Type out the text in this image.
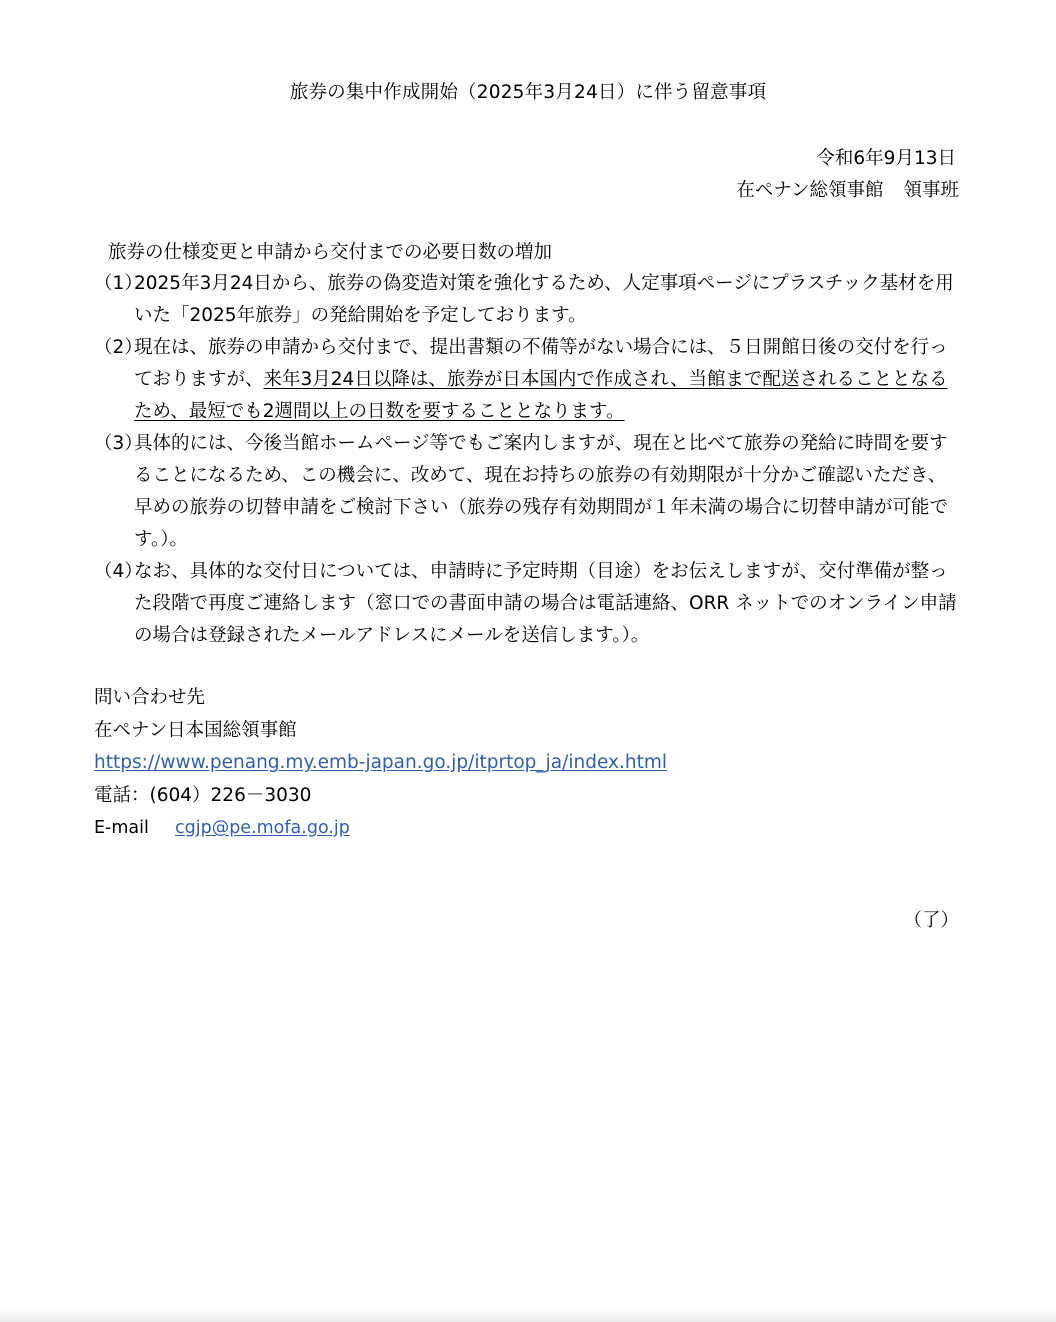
旅券の集中作成開始（2025年3月24日）に伴う留意事項
令和6年9月13日
在ペナン総領事館 領事班
旅券の仕様変更と申請から交付までの必要日数の増加
（1）
2025年3月24日から、旅券の偽変造対策を強化するため、人定事項ページにプラスチック基材を用いた「2025年旅券」の発給開始を予定しております。
（2）
現在は、旅券の申請から交付まで、提出書類の不備等がない場合には、５日開館日後の交付を行っておりますが、来年3月24日以降は、旅券が日本国内で作成され、当館まで配送されることとなるため、最短でも2週間以上の日数を要することとなります。
（3）
具体的には、今後当館ホームページ等でもご案内しますが、現在と比べて旅券の発給に時間を要することになるため、この機会に、改めて、現在お持ちの旅券の有効期限が十分かご確認いただき、早めの旅券の切替申請をご検討下さい（旅券の残存有効期間が１年未満の場合に切替申請が可能です。）。
（4）
なお、具体的な交付日については、申請時に予定時期（目途）をお伝えしますが、交付準備が整った段階で再度ご連絡します（窓口での書面申請の場合は電話連絡、ORR ネットでのオンライン申請の場合は登録されたメールアドレスにメールを送信します。）。
問い合わせ先
在ペナン日本国総領事館
https://www.penang.my.emb-japan.go.jp/itprtop_ja/index.html
電話：(604）226－3030
E-mail cgjp@pe.mofa.go.jp
（了）
